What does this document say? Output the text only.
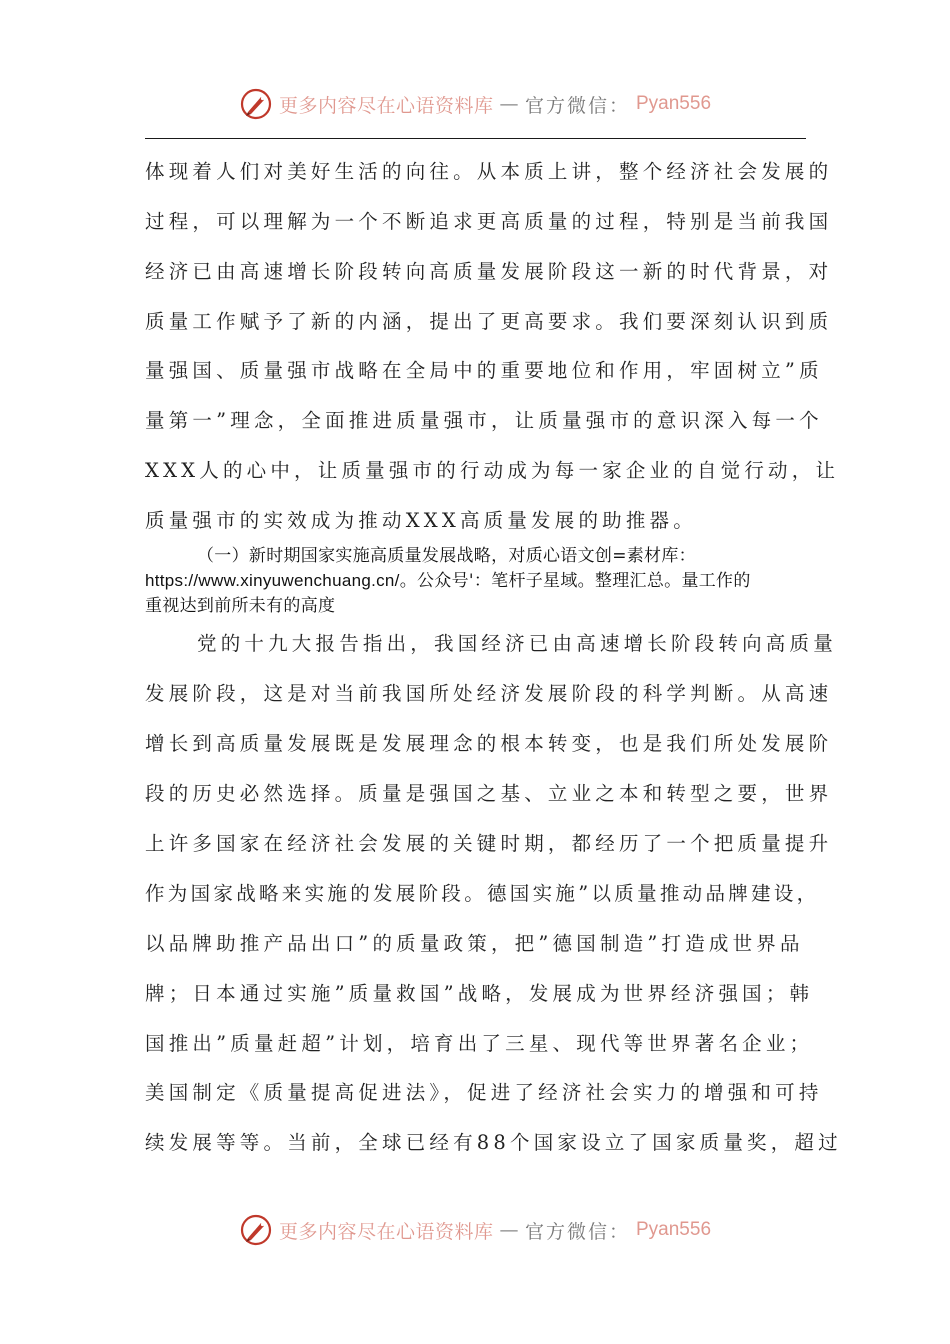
更多内容尽在心语资料库 — 官方微信： Pyan556
体现着人们对美好生活的向往。从本质上讲，整个经济社会发展的
过程，可以理解为一个不断追求更高质量的过程，特别是当前我国
经济已由高速增长阶段转向高质量发展阶段这一新的时代背景，对
质量工作赋予了新的内涵，提出了更高要求。我们要深刻认识到质
量强国、质量强市战略在全局中的重要地位和作用，牢固树立”质
量第一”理念，全面推进质量强市，让质量强市的意识深入每一个
XXX人的心中，让质量强市的行动成为每一家企业的自觉行动，让
质量强市的实效成为推动XXX高质量发展的助推器。
（一）新时期国家实施高质量发展战略，对质心语文创=素材库：
https://www.xinyuwenchuang.cn/。公众号'：笔杆子星域。整理汇总。量工作的
重视达到前所未有的高度
党的十九大报告指出，我国经济已由高速增长阶段转向高质量
发展阶段，这是对当前我国所处经济发展阶段的科学判断。从高速
增长到高质量发展既是发展理念的根本转变，也是我们所处发展阶
段的历史必然选择。质量是强国之基、立业之本和转型之要，世界
上许多国家在经济社会发展的关键时期，都经历了一个把质量提升
作为国家战略来实施的发展阶段。德国实施”以质量推动品牌建设，
以品牌助推产品出口”的质量政策，把”德国制造”打造成世界品
牌；日本通过实施”质量救国”战略，发展成为世界经济强国；韩
国推出”质量赶超”计划，培育出了三星、现代等世界著名企业；
美国制定《质量提高促进法》，促进了经济社会实力的增强和可持
续发展等等。当前，全球已经有88个国家设立了国家质量奖，超过
更多内容尽在心语资料库 — 官方微信： Pyan556
